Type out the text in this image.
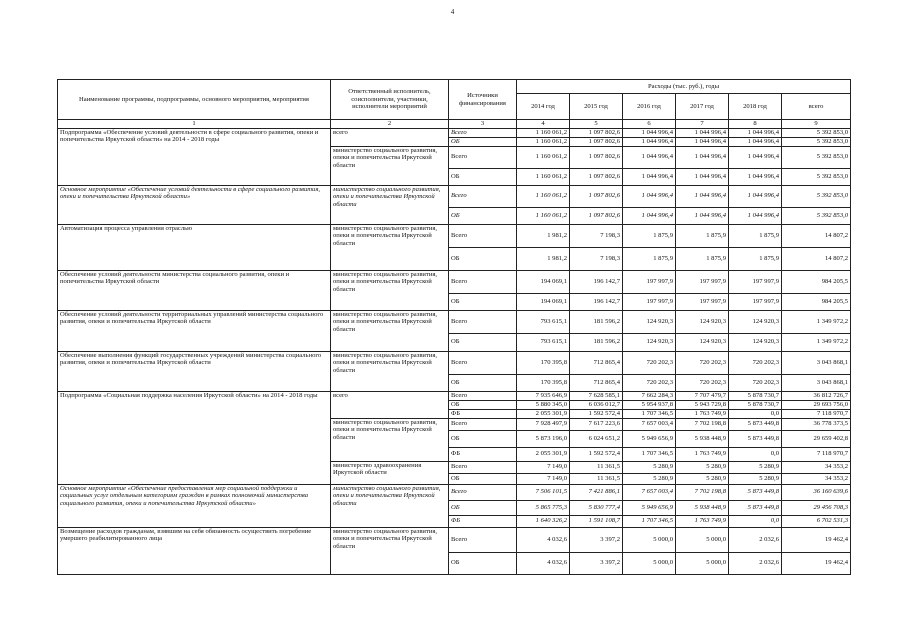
4
Наименование программы, подпрограммы, основного мероприятия, мероприятия	Ответственный исполнитель, соисполнители, участники, исполнители мероприятий	Источники финансирования	Расходы (тыс. руб.), годы					
			2014 год	2015 год	2016 год	2017 год	2018 год	всего
1	2	3	4	5	6	7	8	9
Подпрограмма «Обеспечение условий деятельности в сфере социального развития, опеки и попечительства Иркутской области» на 2014 - 2018 годы	всего	Всего	1 160 061,2	1 097 802,6	1 044 996,4	1 044 996,4	1 044 996,4	5 392 853,0
		ОБ	1 160 061,2	1 097 802,6	1 044 996,4	1 044 996,4	1 044 996,4	5 392 853,0
	министерство социального развития, опеки и попечительства Иркутской области	Всего	1 160 061,2	1 097 802,6	1 044 996,4	1 044 996,4	1 044 996,4	5 392 853,0
		ОБ	1 160 061,2	1 097 802,6	1 044 996,4	1 044 996,4	1 044 996,4	5 392 853,0
Основное мероприятие «Обеспечение условий деятельности в сфере социального развития, опеки и попечительства Иркутской области»	министерство социального развития, опеки и попечительства Иркутской области	Всего	1 160 061,2	1 097 802,6	1 044 996,4	1 044 996,4	1 044 996,4	5 392 853,0
		ОБ	1 160 061,2	1 097 802,6	1 044 996,4	1 044 996,4	1 044 996,4	5 392 853,0
Автоматизация процесса управления отраслью	министерство социального развития, опеки и попечительства Иркутской области	Всего	1 981,2	7 198,3	1 875,9	1 875,9	1 875,9	14 807,2
		ОБ	1 981,2	7 198,3	1 875,9	1 875,9	1 875,9	14 807,2
Обеспечение условий деятельности министерства социального развития, опеки и попечительства Иркутской области	министерство социального развития, опеки и попечительства Иркутской области	Всего	194 069,1	196 142,7	197 997,9	197 997,9	197 997,9	984 205,5
		ОБ	194 069,1	196 142,7	197 997,9	197 997,9	197 997,9	984 205,5
Обеспечение условий деятельности территориальных управлений министерства социального развития, опеки и попечительства Иркутской области	министерство социального развития, опеки и попечительства Иркутской области	Всего	793 615,1	181 596,2	124 920,3	124 920,3	124 920,3	1 349 972,2
		ОБ	793 615,1	181 596,2	124 920,3	124 920,3	124 920,3	1 349 972,2
Обеспечение выполнения функций государственных учреждений министерства социального развития, опеки и попечительства Иркутской области	министерство социального развития, опеки и попечительства Иркутской области	Всего	170 395,8	712 865,4	720 202,3	720 202,3	720 202,3	3 043 868,1
		ОБ	170 395,8	712 865,4	720 202,3	720 202,3	720 202,3	3 043 868,1
Подпрограмма «Социальная поддержка населения Иркутской области» на 2014 - 2018 годы	всего	Всего	7 935 646,9	7 628 585,1	7 662 284,3	7 707 479,7	5 878 730,7	36 812 726,7
		ОБ	5 880 345,0	6 036 012,7	5 954 937,8	5 943 729,8	5 878 730,7	29 693 756,0
		ФБ	2 055 301,9	1 592 572,4	1 707 346,5	1 763 749,9	0,0	7 118 970,7
	министерство социального развития, опеки и попечительства Иркутской области	Всего	7 928 497,9	7 617 223,6	7 657 003,4	7 702 198,8	5 873 449,8	36 778 373,5
		ОБ	5 873 196,0	6 024 651,2	5 949 656,9	5 938 448,9	5 873 449,8	29 659 402,8
		ФБ	2 055 301,9	1 592 572,4	1 707 346,5	1 763 749,9	0,0	7 118 970,7
	министерство здравоохранения Иркутской области	Всего	7 149,0	11 361,5	5 280,9	5 280,9	5 280,9	34 353,2
		ОБ	7 149,0	11 361,5	5 280,9	5 280,9	5 280,9	34 353,2
Основное мероприятие «Обеспечение предоставления мер социальной поддержки и социальных услуг отдельным категориям граждан в рамках полномочий министерства социального развития, опеки и попечительства Иркутской области»	министерство социального развития, опеки и попечительства Иркутской области	Всего	7 506 101,5	7 421 886,1	7 657 003,4	7 702 198,8	5 873 449,8	36 160 639,6
		ОБ	5 865 775,3	5 830 777,4	5 949 656,9	5 938 448,9	5 873 449,8	29 456 708,3
		ФБ	1 640 326,2	1 591 108,7	1 707 346,5	1 763 749,9	0,0	6 702 531,3
Возмещение расходов гражданам, взявшим на себя обязанность осуществить погребение умершего реабилитированного лица	министерство социального развития, опеки и попечительства Иркутской области	Всего	4 032,6	3 397,2	5 000,0	5 000,0	2 032,6	19 462,4
		ОБ	4 032,6	3 397,2	5 000,0	5 000,0	2 032,6	19 462,4
